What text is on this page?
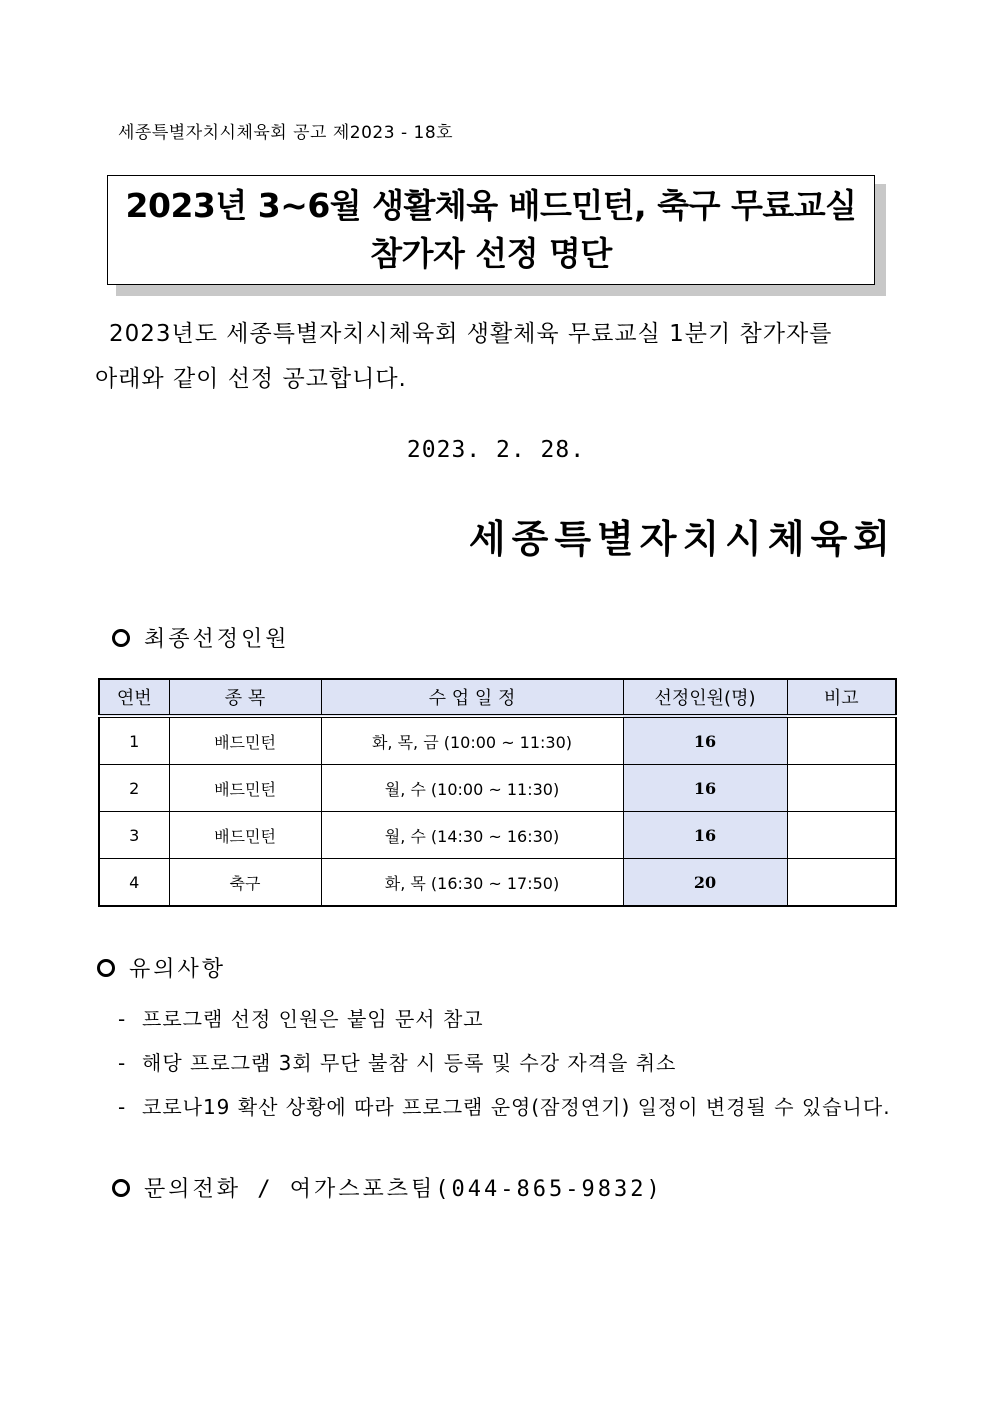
세종특별자치시체육회 공고 제2023 - 18호
2023년 3~6월 생활체육 배드민턴, 축구 무료교실
참가자 선정 명단
2023년도 세종특별자치시체육회 생활체육 무료교실 1분기 참가자를
아래와 같이 선정 공고합니다.
2023. 2. 28.
세종특별자치시체육회
최종선정인원
연번	종 목	수 업 일 정	선정인원(명)	비고
1	배드민턴	화, 목, 금 (10:00 ~ 11:30)	16	
2	배드민턴	월, 수 (10:00 ~ 11:30)	16	
3	배드민턴	월, 수 (14:30 ~ 16:30)	16	
4	축구	화, 목 (16:30 ~ 17:50)	20	
유의사항
- 프로그램 선정 인원은 붙임 문서 참고
- 해당 프로그램 3회 무단 불참 시 등록 및 수강 자격을 취소
- 코로나19 확산 상황에 따라 프로그램 운영(잠정연기) 일정이 변경될 수 있습니다.
문의전화 / 여가스포츠팀(044-865-9832)
